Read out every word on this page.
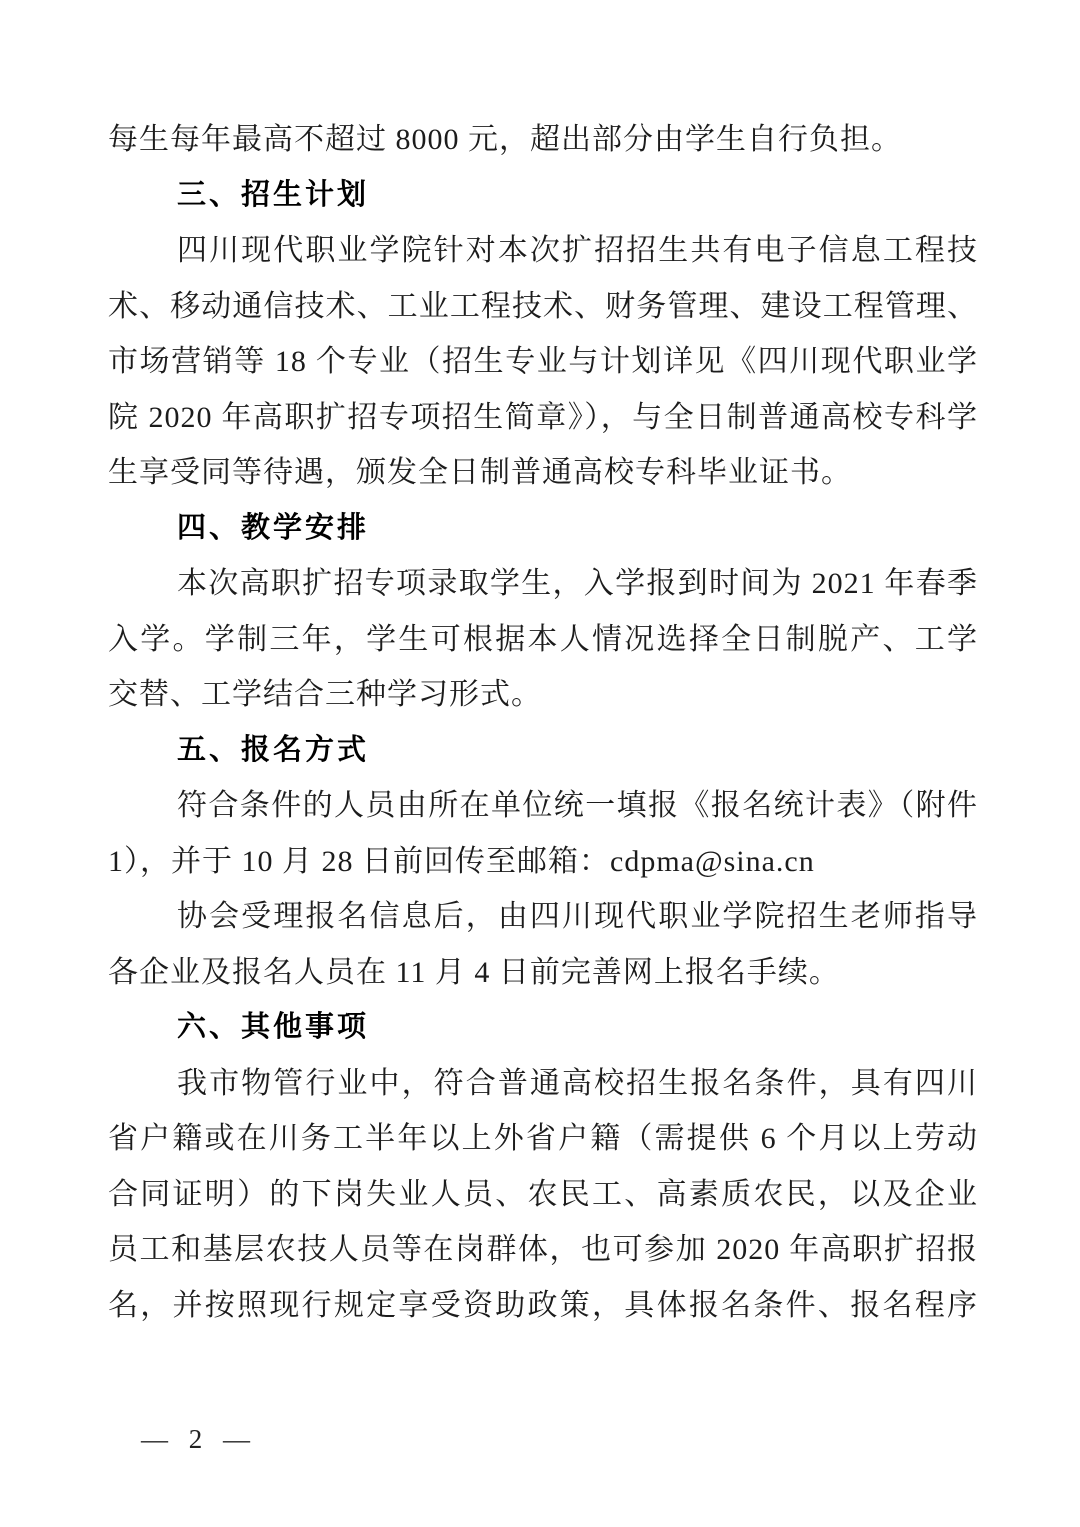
每生每年最高不超过 8000 元，超出部分由学生自行负担。
三、招生计划
四川现代职业学院针对本次扩招招生共有电子信息工程技
术、移动通信技术、工业工程技术、财务管理、建设工程管理、
市场营销等 18 个专业（招生专业与计划详见《四川现代职业学
院 2020 年高职扩招专项招生简章》），与全日制普通高校专科学
生享受同等待遇，颁发全日制普通高校专科毕业证书。
四、教学安排
本次高职扩招专项录取学生，入学报到时间为 2021 年春季
入学。学制三年，学生可根据本人情况选择全日制脱产、工学
交替、工学结合三种学习形式。
五、报名方式
符合条件的人员由所在单位统一填报《报名统计表》（附件
1），并于 10 月 28 日前回传至邮箱：cdpma@sina.cn
协会受理报名信息后，由四川现代职业学院招生老师指导
各企业及报名人员在 11 月 4 日前完善网上报名手续。
六、其他事项
我市物管行业中，符合普通高校招生报名条件，具有四川
省户籍或在川务工半年以上外省户籍（需提供 6 个月以上劳动
合同证明）的下岗失业人员、农民工、高素质农民，以及企业
员工和基层农技人员等在岗群体，也可参加 2020 年高职扩招报
名，并按照现行规定享受资助政策，具体报名条件、报名程序
— 2 —
